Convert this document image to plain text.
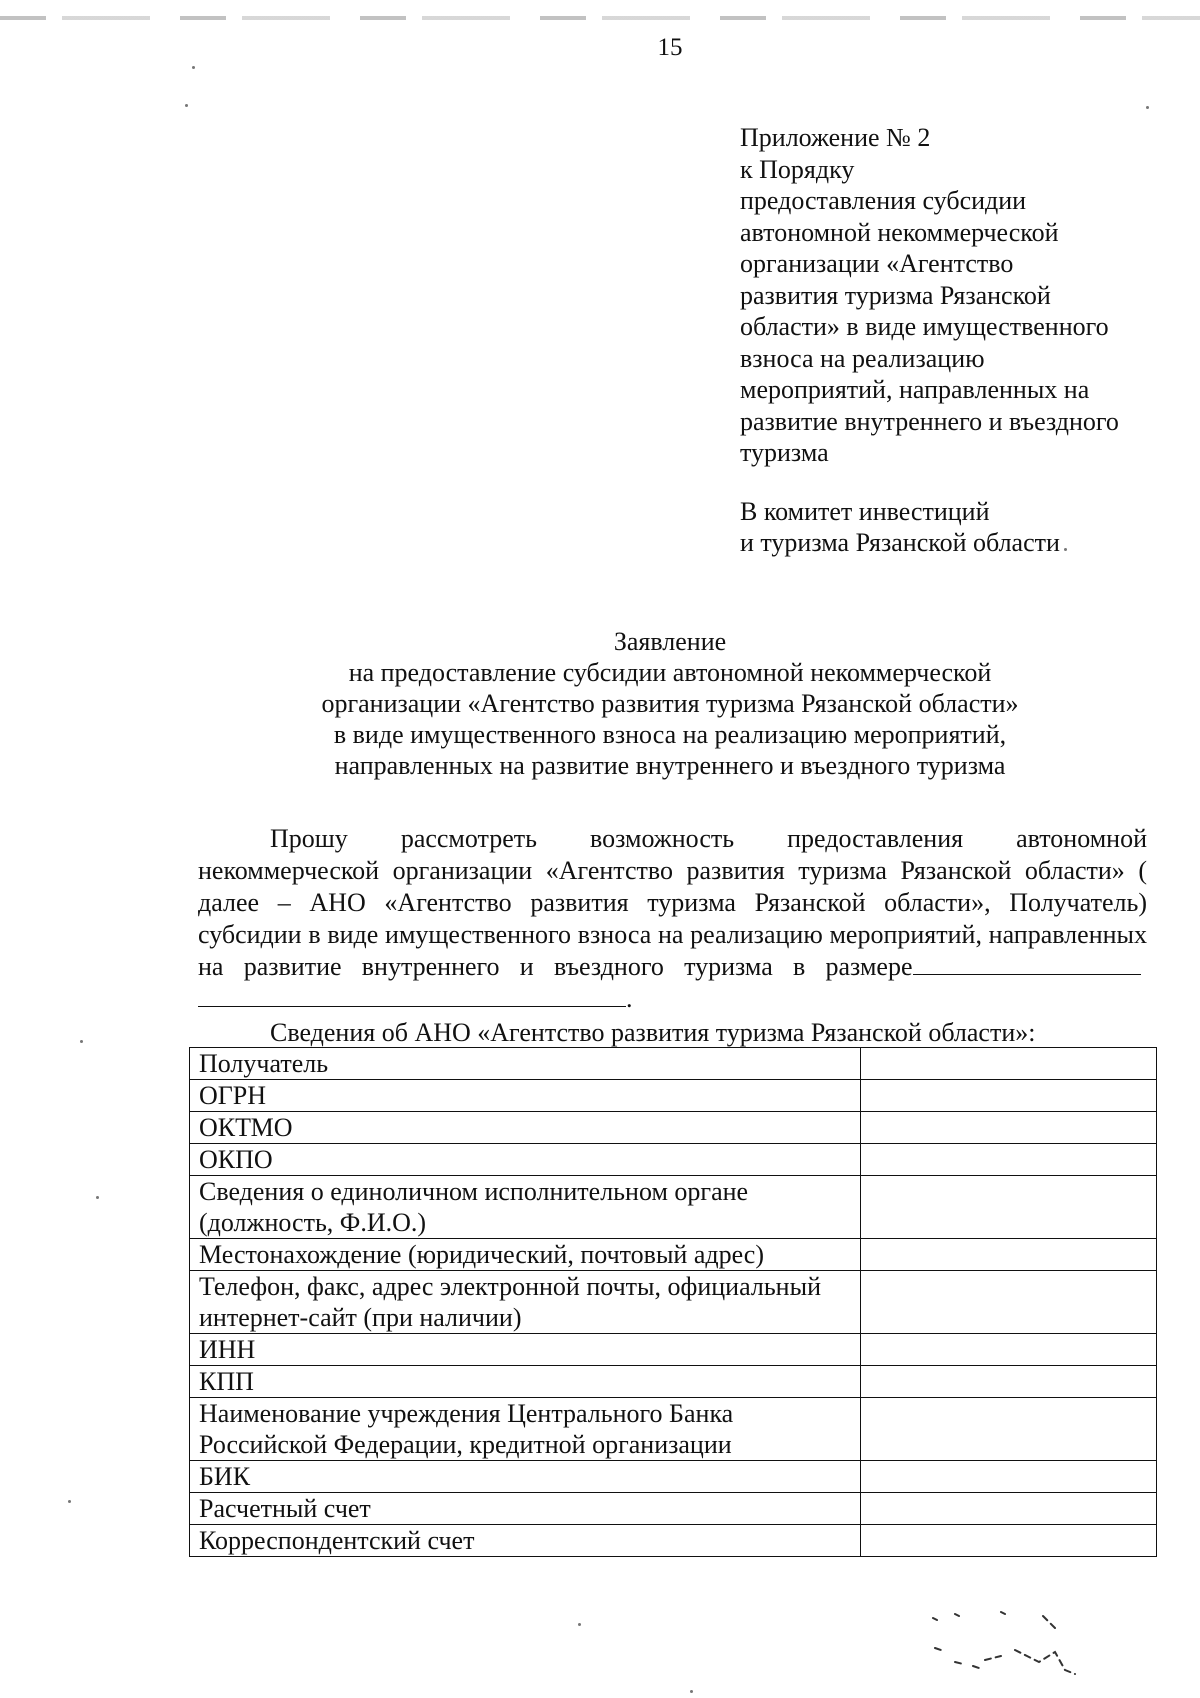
15
Приложение № 2
к Порядку
предоставления субсидии
автономной некоммерческой
организации «Агентство
развития туризма Рязанской
области» в виде имущественного
взноса на реализацию
мероприятий, направленных на
развитие внутреннего и въездного
туризма
В комитет инвестиций
и туризма Рязанской области
Заявление
на предоставление субсидии автономной некоммерческой
организации «Агентство развития туризма Рязанской области»
в виде имущественного взноса на реализацию мероприятий,
направленных на развитие внутреннего и въездного туризма
Прошу рассмотреть возможность предоставления автономной некоммерческой организации «Агентство развития туризма Рязанской области» ( далее – АНО «Агентство развития туризма Рязанской области», Получатель) субсидии в виде имущественного взноса на реализацию мероприятий, направленных на развитие внутреннего и въездного туризма в размере .
Сведения об АНО «Агентство развития туризма Рязанской области»:
Получатель	
ОГРН	
ОКТМО	
ОКПО	
Сведения о единоличном исполнительном органе (должность, Ф.И.О.)	
Местонахождение (юридический, почтовый адрес)	
Телефон, факс, адрес электронной почты, официальный интернет-сайт (при наличии)	
ИНН	
КПП	
Наименование учреждения Центрального Банка Российской Федерации, кредитной организации	
БИК	
Расчетный счет	
Корреспондентский счет	
